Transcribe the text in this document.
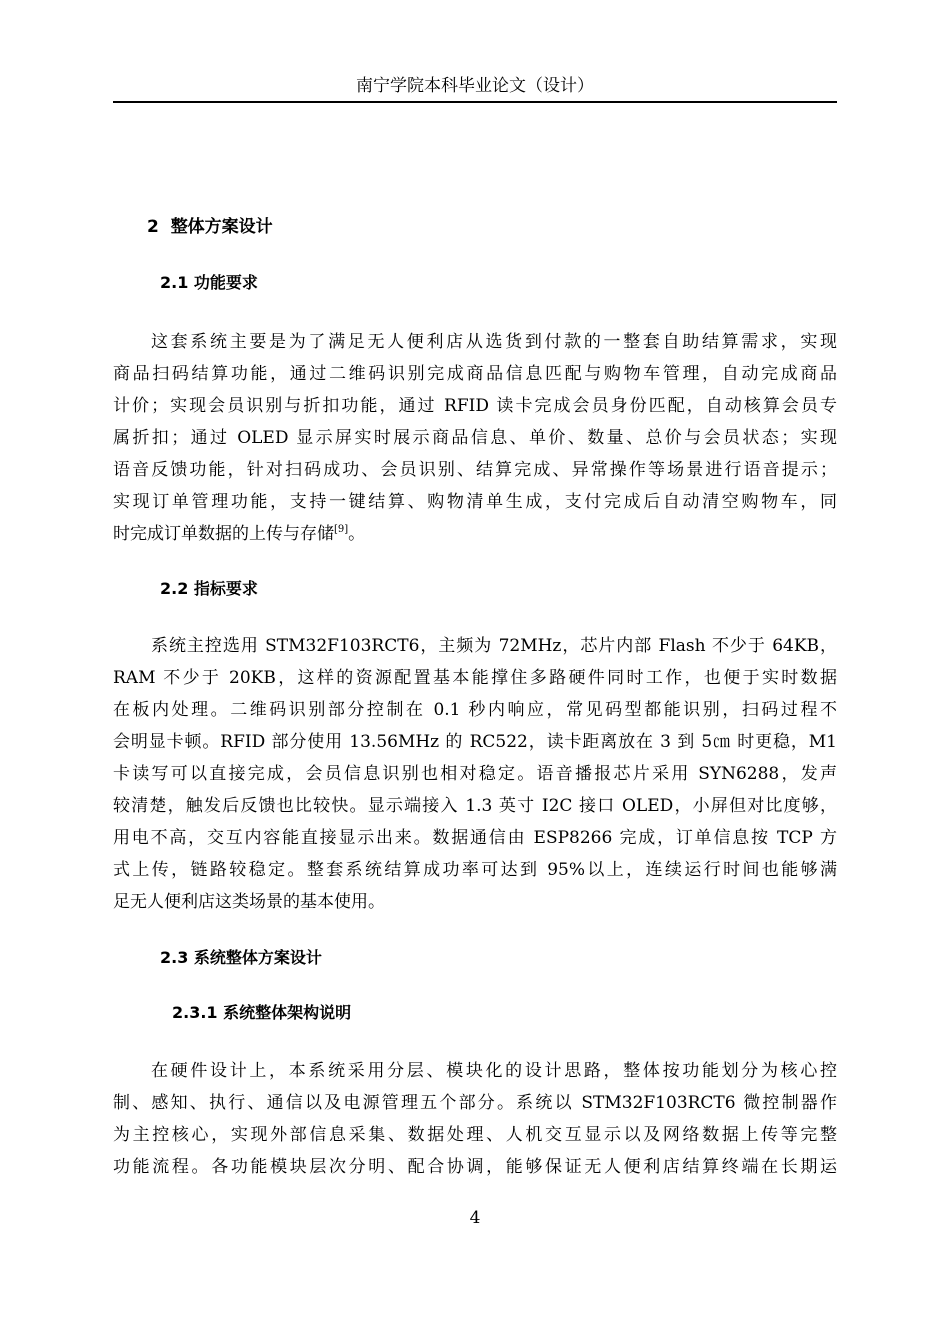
南宁学院本科毕业论文（设计）
2 整体方案设计
2.1 功能要求
这套系统主要是为了满足无人便利店从选货到付款的一整套自助结算需求，实现
商品扫码结算功能，通过二维码识别完成商品信息匹配与购物车管理，自动完成商品
计价；实现会员识别与折扣功能，通过 RFID 读卡完成会员身份匹配，自动核算会员专
属折扣；通过 OLED 显示屏实时展示商品信息、单价、数量、总价与会员状态；实现
语音反馈功能，针对扫码成功、会员识别、结算完成、异常操作等场景进行语音提示；
实现订单管理功能，支持一键结算、购物清单生成，支付完成后自动清空购物车，同
时完成订单数据的上传与存储[9]。
2.2 指标要求
系统主控选用 STM32F103RCT6，主频为 72MHz，芯片内部 Flash 不少于 64KB，
RAM 不少于 20KB，这样的资源配置基本能撑住多路硬件同时工作，也便于实时数据
在板内处理。二维码识别部分控制在 0.1 秒内响应，常见码型都能识别，扫码过程不
会明显卡顿。RFID 部分使用 13.56MHz 的 RC522，读卡距离放在 3 到 5㎝ 时更稳，M1
卡读写可以直接完成，会员信息识别也相对稳定。语音播报芯片采用 SYN6288，发声
较清楚，触发后反馈也比较快。显示端接入 1.3 英寸 I2C 接口 OLED，小屏但对比度够，
用电不高，交互内容能直接显示出来。数据通信由 ESP8266 完成，订单信息按 TCP 方
式上传，链路较稳定。整套系统结算成功率可达到 95%以上，连续运行时间也能够满
足无人便利店这类场景的基本使用。
2.3 系统整体方案设计
2.3.1 系统整体架构说明
在硬件设计上，本系统采用分层、模块化的设计思路，整体按功能划分为核心控
制、感知、执行、通信以及电源管理五个部分。系统以 STM32F103RCT6 微控制器作
为主控核心，实现外部信息采集、数据处理、人机交互显示以及网络数据上传等完整
功能流程。各功能模块层次分明、配合协调，能够保证无人便利店结算终端在长期运
4
